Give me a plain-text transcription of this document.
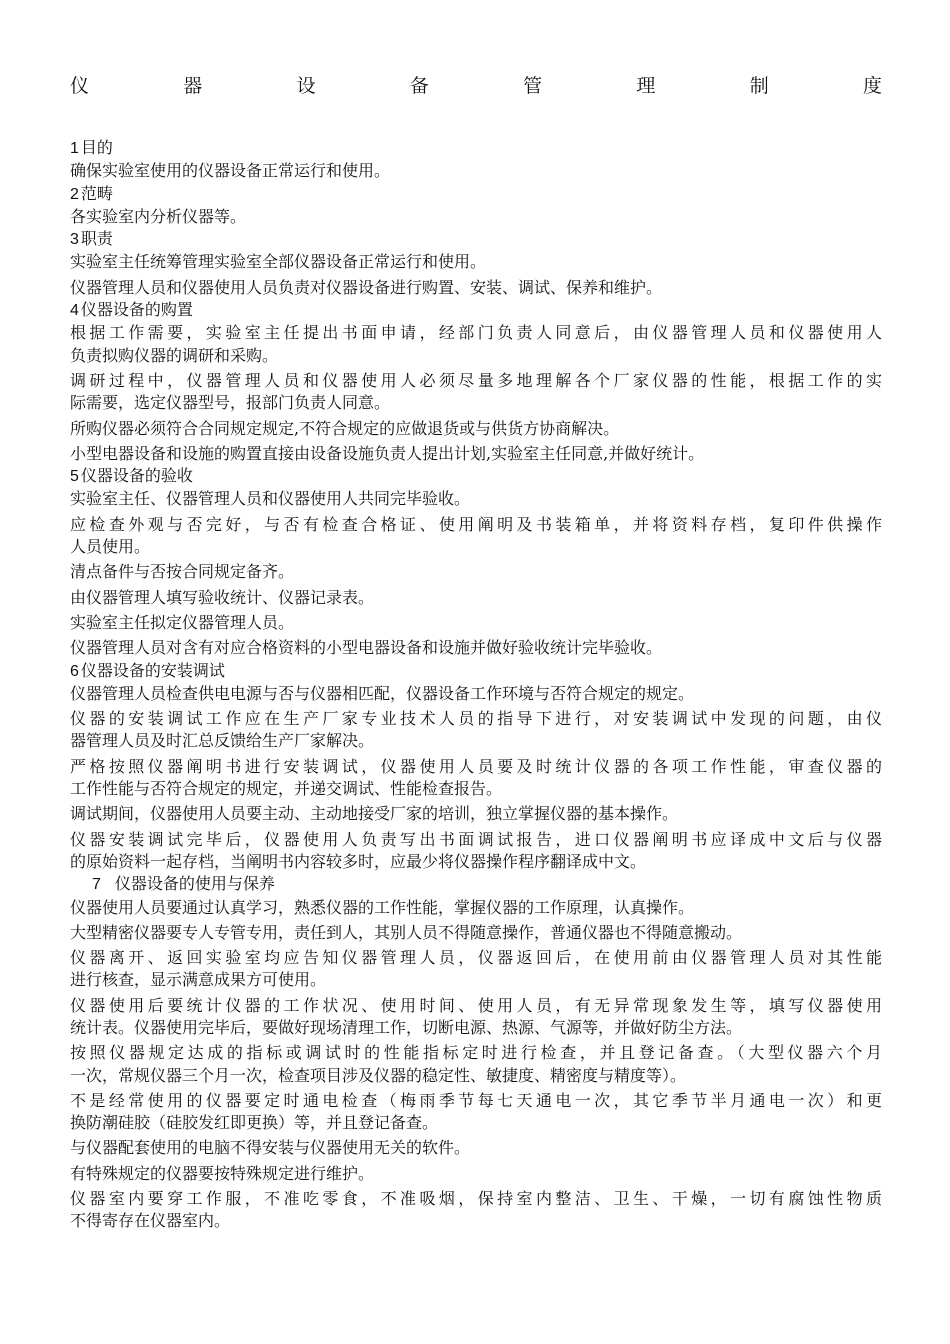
仪	器	设	备	管	理	制	度
1 目的
确保实验室使用的仪器设备正常运行和使用。
2 范畴
各实验室内分析仪器等。
3 职责
实验室主任统筹管理实验室全部仪器设备正常运行和使用。
仪器管理人员和仪器使用人员负责对仪器设备进行购置、安装、调试、保养和维护。
4 仪器设备的购置
根据工作需要，实验室主任提出书面申请，经部门负责人同意后，由仪器管理人员和仪器使用人
负责拟购仪器的调研和采购。
调研过程中，仪器管理人员和仪器使用人必须尽量多地理解各个厂家仪器的性能，根据工作的实
际需要，选定仪器型号，报部门负责人同意。
所购仪器必须符合合同规定规定,不符合规定的应做退货或与供货方协商解决。
小型电器设备和设施的购置直接由设备设施负责人提出计划,实验室主任同意,并做好统计。
5 仪器设备的验收
实验室主任、仪器管理人员和仪器使用人共同完毕验收。
应检查外观与否完好，与否有检查合格证、使用阐明及书装箱单，并将资料存档，复印件供操作
人员使用。
清点备件与否按合同规定备齐。
由仪器管理人填写验收统计、仪器记录表。
实验室主任拟定仪器管理人员。
仪器管理人员对含有对应合格资料的小型电器设备和设施并做好验收统计完毕验收。
6 仪器设备的安装调试
仪器管理人员检查供电电源与否与仪器相匹配，仪器设备工作环境与否符合规定的规定。
仪器的安装调试工作应在生产厂家专业技术人员的指导下进行，对安装调试中发现的问题，由仪
器管理人员及时汇总反馈给生产厂家解决。
严格按照仪器阐明书进行安装调试，仪器使用人员要及时统计仪器的各项工作性能，审查仪器的
工作性能与否符合规定的规定，并递交调试、性能检查报告。
调试期间，仪器使用人员要主动、主动地接受厂家的培训，独立掌握仪器的基本操作。
仪器安装调试完毕后，仪器使用人负责写出书面调试报告，进口仪器阐明书应译成中文后与仪器
的原始资料一起存档，当阐明书内容较多时，应最少将仪器操作程序翻译成中文。
7 仪器设备的使用与保养
仪器使用人员要通过认真学习，熟悉仪器的工作性能，掌握仪器的工作原理，认真操作。
大型精密仪器要专人专管专用，责任到人，其别人员不得随意操作，普通仪器也不得随意搬动。
仪器离开、返回实验室均应告知仪器管理人员，仪器返回后，在使用前由仪器管理人员对其性能
进行核查，显示满意成果方可使用。
仪器使用后要统计仪器的工作状况、使用时间、使用人员，有无异常现象发生等，填写仪器使用
统计表。仪器使用完毕后，要做好现场清理工作，切断电源、热源、气源等，并做好防尘方法。
按照仪器规定达成的指标或调试时的性能指标定时进行检查，并且登记备查。（大型仪器六个月
一次，常规仪器三个月一次，检查项目涉及仪器的稳定性、敏捷度、精密度与精度等）。
不是经常使用的仪器要定时通电检查（梅雨季节每七天通电一次，其它季节半月通电一次）和更
换防潮硅胶（硅胶发红即更换）等，并且登记备查。
与仪器配套使用的电脑不得安装与仪器使用无关的软件。
有特殊规定的仪器要按特殊规定进行维护。
仪器室内要穿工作服，不准吃零食，不准吸烟，保持室内整洁、卫生、干燥，一切有腐蚀性物质
不得寄存在仪器室内。
